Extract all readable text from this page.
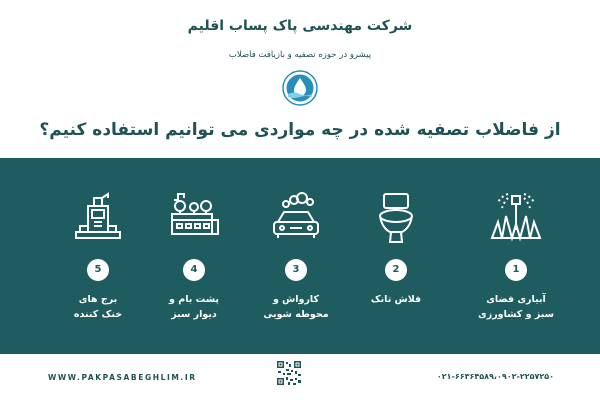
شرکت مهندسی پاک پساب اقلیم
پیشرو در حوزه تصفیه و بازیافت فاضلاب
از فاضلاب تصفیه شده در چه مواردی می توانیم استفاده کنیم؟
5
برج های
خنک کننده
4
پشت بام و
دیوار سبز
3
کارواش و
محوطه شویی
2
فلاش تانک
1
آبیاری فضای
سبز و کشاورزی
WWW.PAKPASABEGHLIM.IR	۰۲۱-۶۶۳۶۴۵۸۹،۰۹۰۲-۲۲۵۷۲۵۰
